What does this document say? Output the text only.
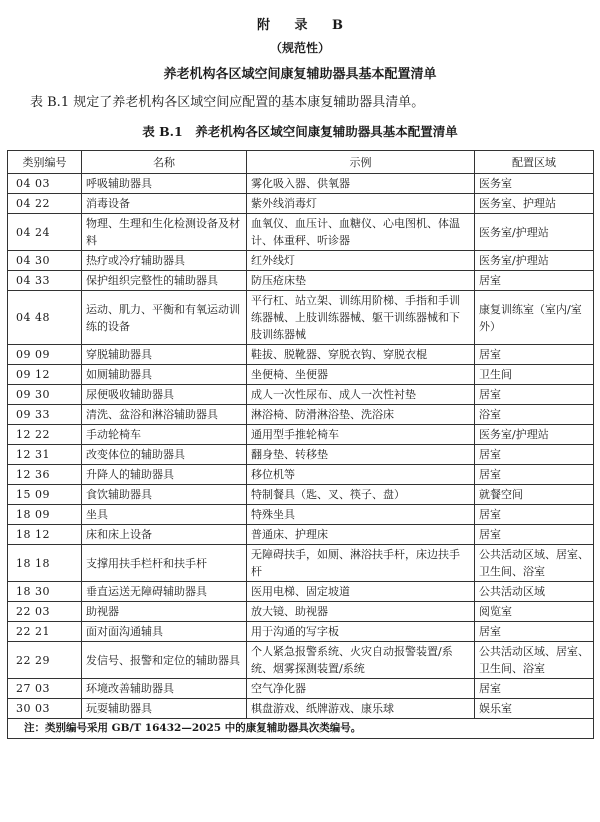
附 录 B
（规范性）
养老机构各区域空间康复辅助器具基本配置清单
表 B.1 规定了养老机构各区域空间应配置的基本康复辅助器具清单。
表 B.1　养老机构各区域空间康复辅助器具基本配置清单
类别编号	名称	示例	配置区域
04 03	呼吸辅助器具	雾化吸入器、供氧器	医务室
04 22	消毒设备	紫外线消毒灯	医务室、护理站
04 24	物理、生理和生化检测设备及材料	血氧仪、血压计、血糖仪、心电图机、体温计、体重秤、听诊器	医务室/护理站
04 30	热疗或冷疗辅助器具	红外线灯	医务室/护理站
04 33	保护组织完整性的辅助器具	防压疮床垫	居室
04 48	运动、肌力、平衡和有氧运动训练的设备	平行杠、站立架、训练用阶梯、手指和手训练器械、上肢训练器械、躯干训练器械和下肢训练器械	康复训练室（室内/室外）
09 09	穿脱辅助器具	鞋拔、脱靴器、穿脱衣钩、穿脱衣棍	居室
09 12	如厕辅助器具	坐便椅、坐便器	卫生间
09 30	尿便吸收辅助器具	成人一次性尿布、成人一次性衬垫	居室
09 33	清洗、盆浴和淋浴辅助器具	淋浴椅、防滑淋浴垫、洗浴床	浴室
12 22	手动轮椅车	通用型手推轮椅车	医务室/护理站
12 31	改变体位的辅助器具	翻身垫、转移垫	居室
12 36	升降人的辅助器具	移位机等	居室
15 09	食饮辅助器具	特制餐具（匙、叉、筷子、盘）	就餐空间
18 09	坐具	特殊坐具	居室
18 12	床和床上设备	普通床、护理床	居室
18 18	支撑用扶手栏杆和扶手杆	无障碍扶手，如厕、淋浴扶手杆，床边扶手杆	公共活动区域、居室、卫生间、浴室
18 30	垂直运送无障碍辅助器具	医用电梯、固定坡道	公共活动区域
22 03	助视器	放大镜、助视器	阅览室
22 21	面对面沟通辅具	用于沟通的写字板	居室
22 29	发信号、报警和定位的辅助器具	个人紧急报警系统、火灾自动报警装置/系统、烟雾探测装置/系统	公共活动区域、居室、卫生间、浴室
27 03	环境改善辅助器具	空气净化器	居室
30 03	玩耍辅助器具	棋盘游戏、纸牌游戏、康乐球	娱乐室
注：类别编号采用 GB/T 16432—2025 中的康复辅助器具次类编号。			
